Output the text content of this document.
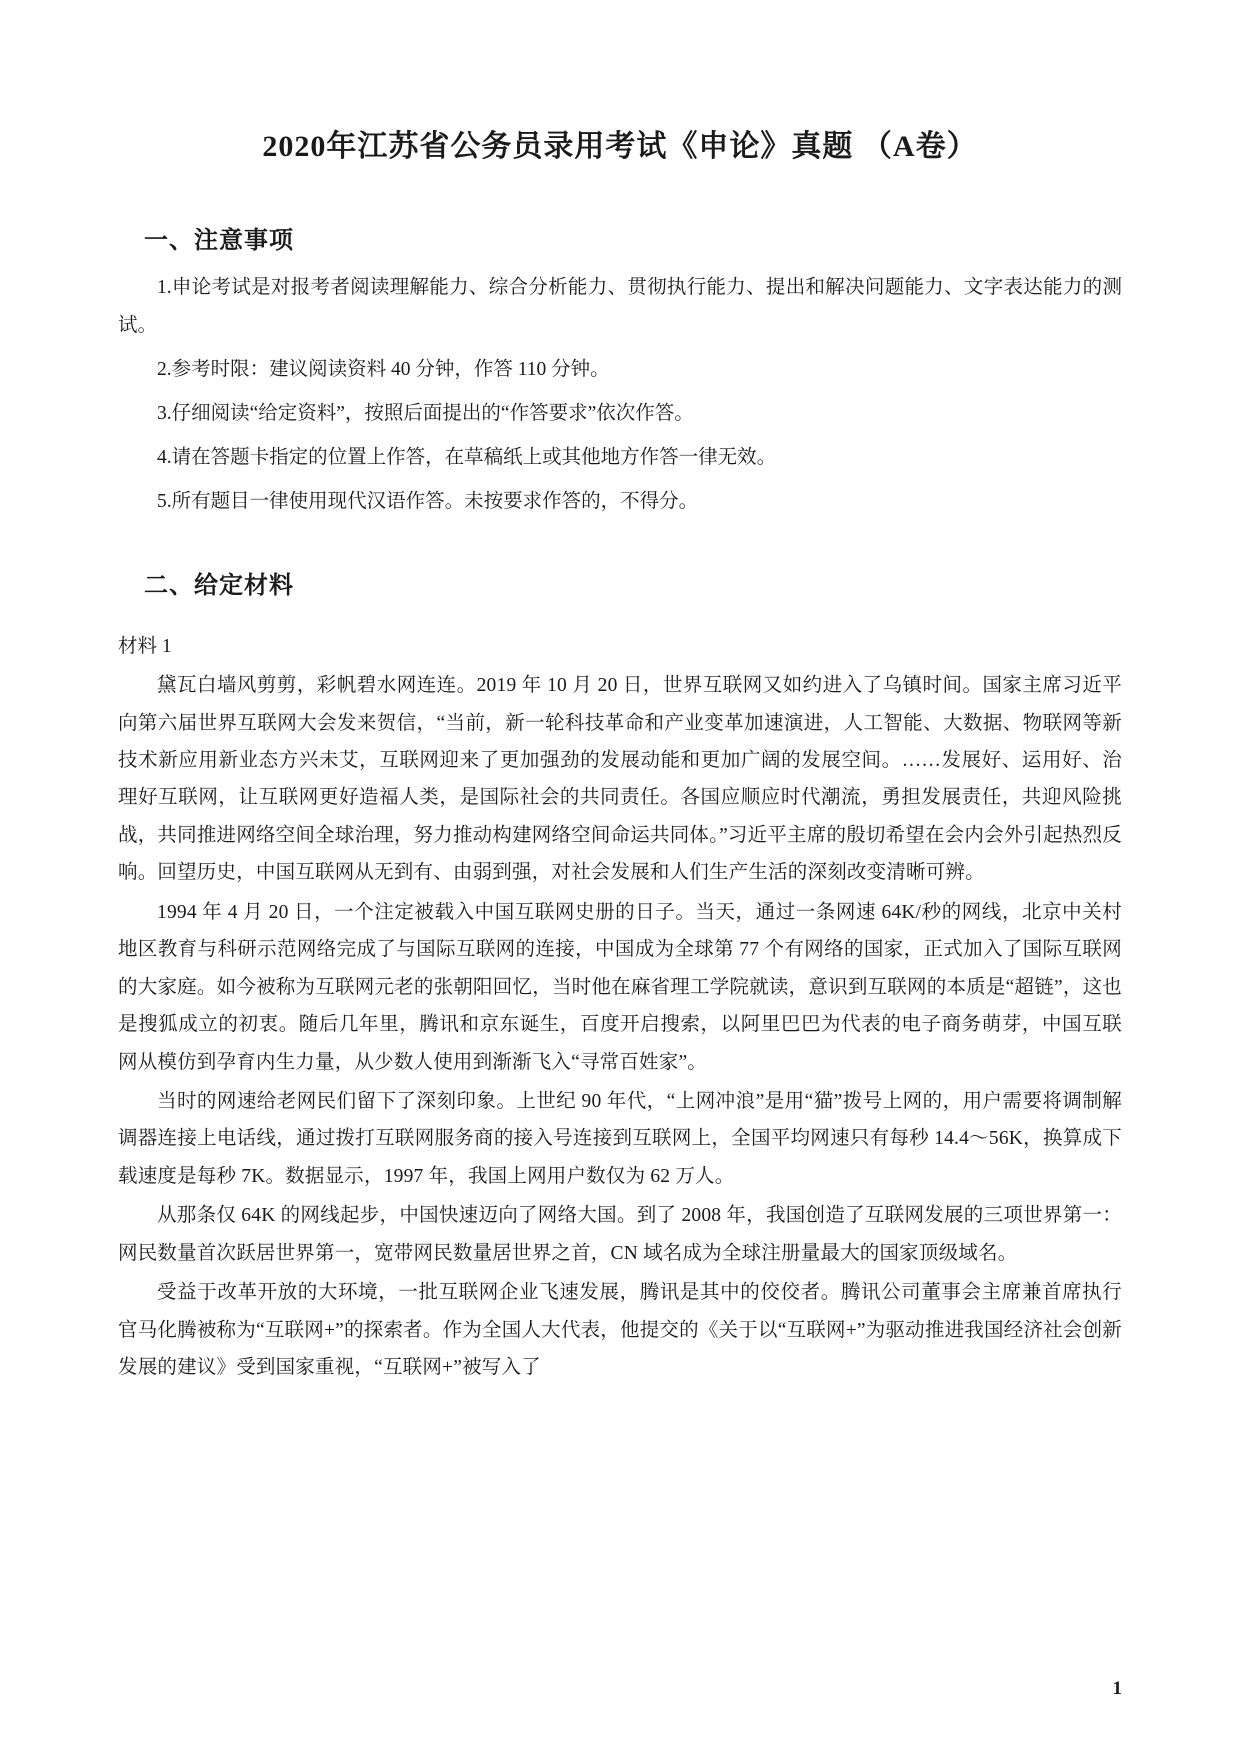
2020年江苏省公务员录用考试《申论》真题 （A卷）
一、注意事项

1.申论考试是对报考者阅读理解能力、综合分析能力、贯彻执行能力、提出和解决问题能力、文字表达能力的测试。

2.参考时限：建议阅读资料 40 分钟，作答 110 分钟。

3.仔细阅读“给定资料”，按照后面提出的“作答要求”依次作答。

4.请在答题卡指定的位置上作答，在草稿纸上或其他地方作答一律无效。

5.所有题目一律使用现代汉语作答。未按要求作答的，不得分。

二、给定材料

材料 1

黛瓦白墙风剪剪，彩帆碧水网连连。2019 年 10 月 20 日，世界互联网又如约进入了乌镇时间。国家主席习近平向第六届世界互联网大会发来贺信，“当前，新一轮科技革命和产业变革加速演进，人工智能、大数据、物联网等新技术新应用新业态方兴未艾，互联网迎来了更加强劲的发展动能和更加广阔的发展空间。……发展好、运用好、治理好互联网，让互联网更好造福人类，是国际社会的共同责任。各国应顺应时代潮流，勇担发展责任，共迎风险挑战，共同推进网络空间全球治理，努力推动构建网络空间命运共同体。”习近平主席的殷切希望在会内会外引起热烈反响。回望历史，中国互联网从无到有、由弱到强，对社会发展和人们生产生活的深刻改变清晰可辨。

1994 年 4 月 20 日，一个注定被载入中国互联网史册的日子。当天，通过一条网速 64K/秒的网线，北京中关村地区教育与科研示范网络完成了与国际互联网的连接，中国成为全球第 77 个有网络的国家，正式加入了国际互联网的大家庭。如今被称为互联网元老的张朝阳回忆，当时他在麻省理工学院就读，意识到互联网的本质是“超链”，这也是搜狐成立的初衷。随后几年里，腾讯和京东诞生，百度开启搜索，以阿里巴巴为代表的电子商务萌芽，中国互联网从模仿到孕育内生力量，从少数人使用到渐渐飞入“寻常百姓家”。

当时的网速给老网民们留下了深刻印象。上世纪 90 年代，“上网冲浪”是用“猫”拨号上网的，用户需要将调制解调器连接上电话线，通过拨打互联网服务商的接入号连接到互联网上，全国平均网速只有每秒 14.4～56K，换算成下载速度是每秒 7K。数据显示，1997 年，我国上网用户数仅为 62 万人。

从那条仅 64K 的网线起步，中国快速迈向了网络大国。到了 2008 年，我国创造了互联网发展的三项世界第一：网民数量首次跃居世界第一，宽带网民数量居世界之首，CN 域名成为全球注册量最大的国家顶级域名。

受益于改革开放的大环境，一批互联网企业飞速发展，腾讯是其中的佼佼者。腾讯公司董事会主席兼首席执行官马化腾被称为“互联网+”的探索者。作为全国人大代表，他提交的《关于以“互联网+”为驱动推进我国经济社会创新发展的建议》受到国家重视，“互联网+”被写入了

1
